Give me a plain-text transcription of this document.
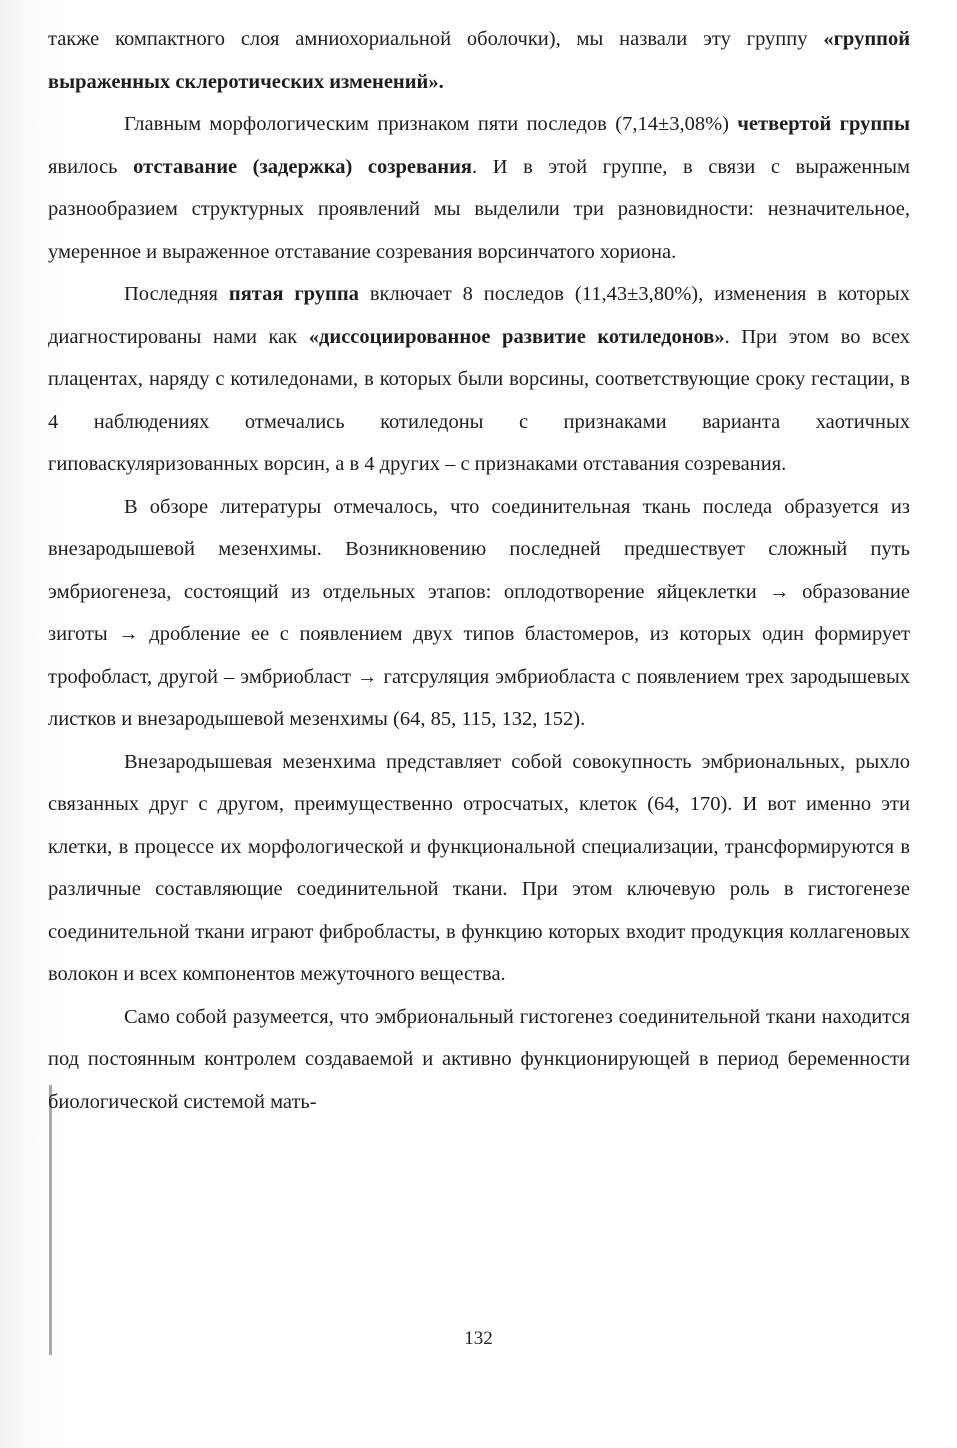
также компактного слоя амниохориальной оболочки), мы назвали эту группу «группой выраженных склеротических изменений».

Главным морфологическим признаком пяти последов (7,14±3,08%) четвертой группы явилось отставание (задержка) созревания. И в этой группе, в связи с выраженным разнообразием структурных проявлений мы выделили три разновидности: незначительное, умеренное и выраженное отставание созревания ворсинчатого хориона.

Последняя пятая группа включает 8 последов (11,43±3,80%), изменения в которых диагностированы нами как «диссоциированное развитие котиледонов». При этом во всех плацентах, наряду с котиледонами, в которых были ворсины, соответствующие сроку гестации, в 4 наблюдениях отмечались котиледоны с признаками варианта хаотичных гиповаскуляризованных ворсин, а в 4 других – с признаками отставания созревания.

В обзоре литературы отмечалось, что соединительная ткань последа образуется из внезародышевой мезенхимы. Возникновению последней предшествует сложный путь эмбриогенеза, состоящий из отдельных этапов: оплодотворение яйцеклетки → образование зиготы → дробление ее с появлением двух типов бластомеров, из которых один формирует трофобласт, другой – эмбриобласт → гатсруляция эмбриобласта с появлением трех зародышевых листков и внезародышевой мезенхимы (64, 85, 115, 132, 152).

Внезародышевая мезенхима представляет собой совокупность эмбриональных, рыхло связанных друг с другом, преимущественно отросчатых, клеток (64, 170). И вот именно эти клетки, в процессе их морфологической и функциональной специализации, трансформируются в различные составляющие соединительной ткани. При этом ключевую роль в гистогенезе соединительной ткани играют фибробласты, в функцию которых входит продукция коллагеновых волокон и всех компонентов межуточного вещества.

Само собой разумеется, что эмбриональный гистогенез соединительной ткани находится под постоянным контролем создаваемой и активно функционирующей в период беременности биологической системой мать-

132
